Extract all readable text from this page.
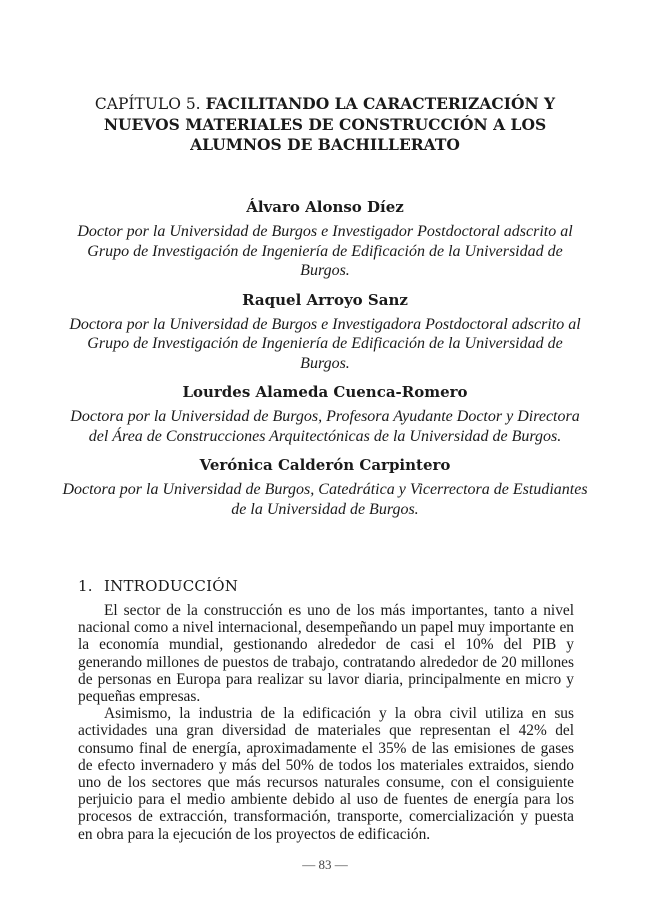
CAPÍTULO 5. FACILITANDO LA CARACTERIZACIÓN Y NUEVOS MATERIALES DE CONSTRUCCIÓN A LOS ALUMNOS DE BACHILLERATO

Álvaro Alonso Díez

Doctor por la Universidad de Burgos e Investigador Postdoctoral adscrito al Grupo de Investigación de Ingeniería de Edificación de la Universidad de Burgos.

Raquel Arroyo Sanz

Doctora por la Universidad de Burgos e Investigadora Postdoctoral adscrito al Grupo de Investigación de Ingeniería de Edificación de la Universidad de Burgos.

Lourdes Alameda Cuenca-Romero

Doctora por la Universidad de Burgos, Profesora Ayudante Doctor y Directora del Área de Construcciones Arquitectónicas de la Universidad de Burgos.

Verónica Calderón Carpintero

Doctora por la Universidad de Burgos, Catedrática y Vicerrectora de Estudiantes de la Universidad de Burgos.

1. INTRODUCCIÓN

El sector de la construcción es uno de los más importantes, tanto a nivel nacional como a nivel internacional, desempeñando un papel muy importante en la economía mundial, gestionando alrededor de casi el 10% del PIB y generando millones de puestos de trabajo, contratando alrededor de 20 millones de personas en Europa para realizar su lavor diaria, principalmente en micro y pequeñas empresas.

Asimismo, la industria de la edificación y la obra civil utiliza en sus actividades una gran diversidad de materiales que representan el 42% del consumo final de energía, aproximadamente el 35% de las emisiones de gases de efecto invernadero y más del 50% de todos los materiales extraidos, siendo uno de los sectores que más recursos naturales consume, con el consiguiente perjuicio para el medio ambiente debido al uso de fuentes de energía para los procesos de extracción, transformación, transporte, comercialización y puesta en obra para la ejecución de los proyectos de edificación.

— 83 —
